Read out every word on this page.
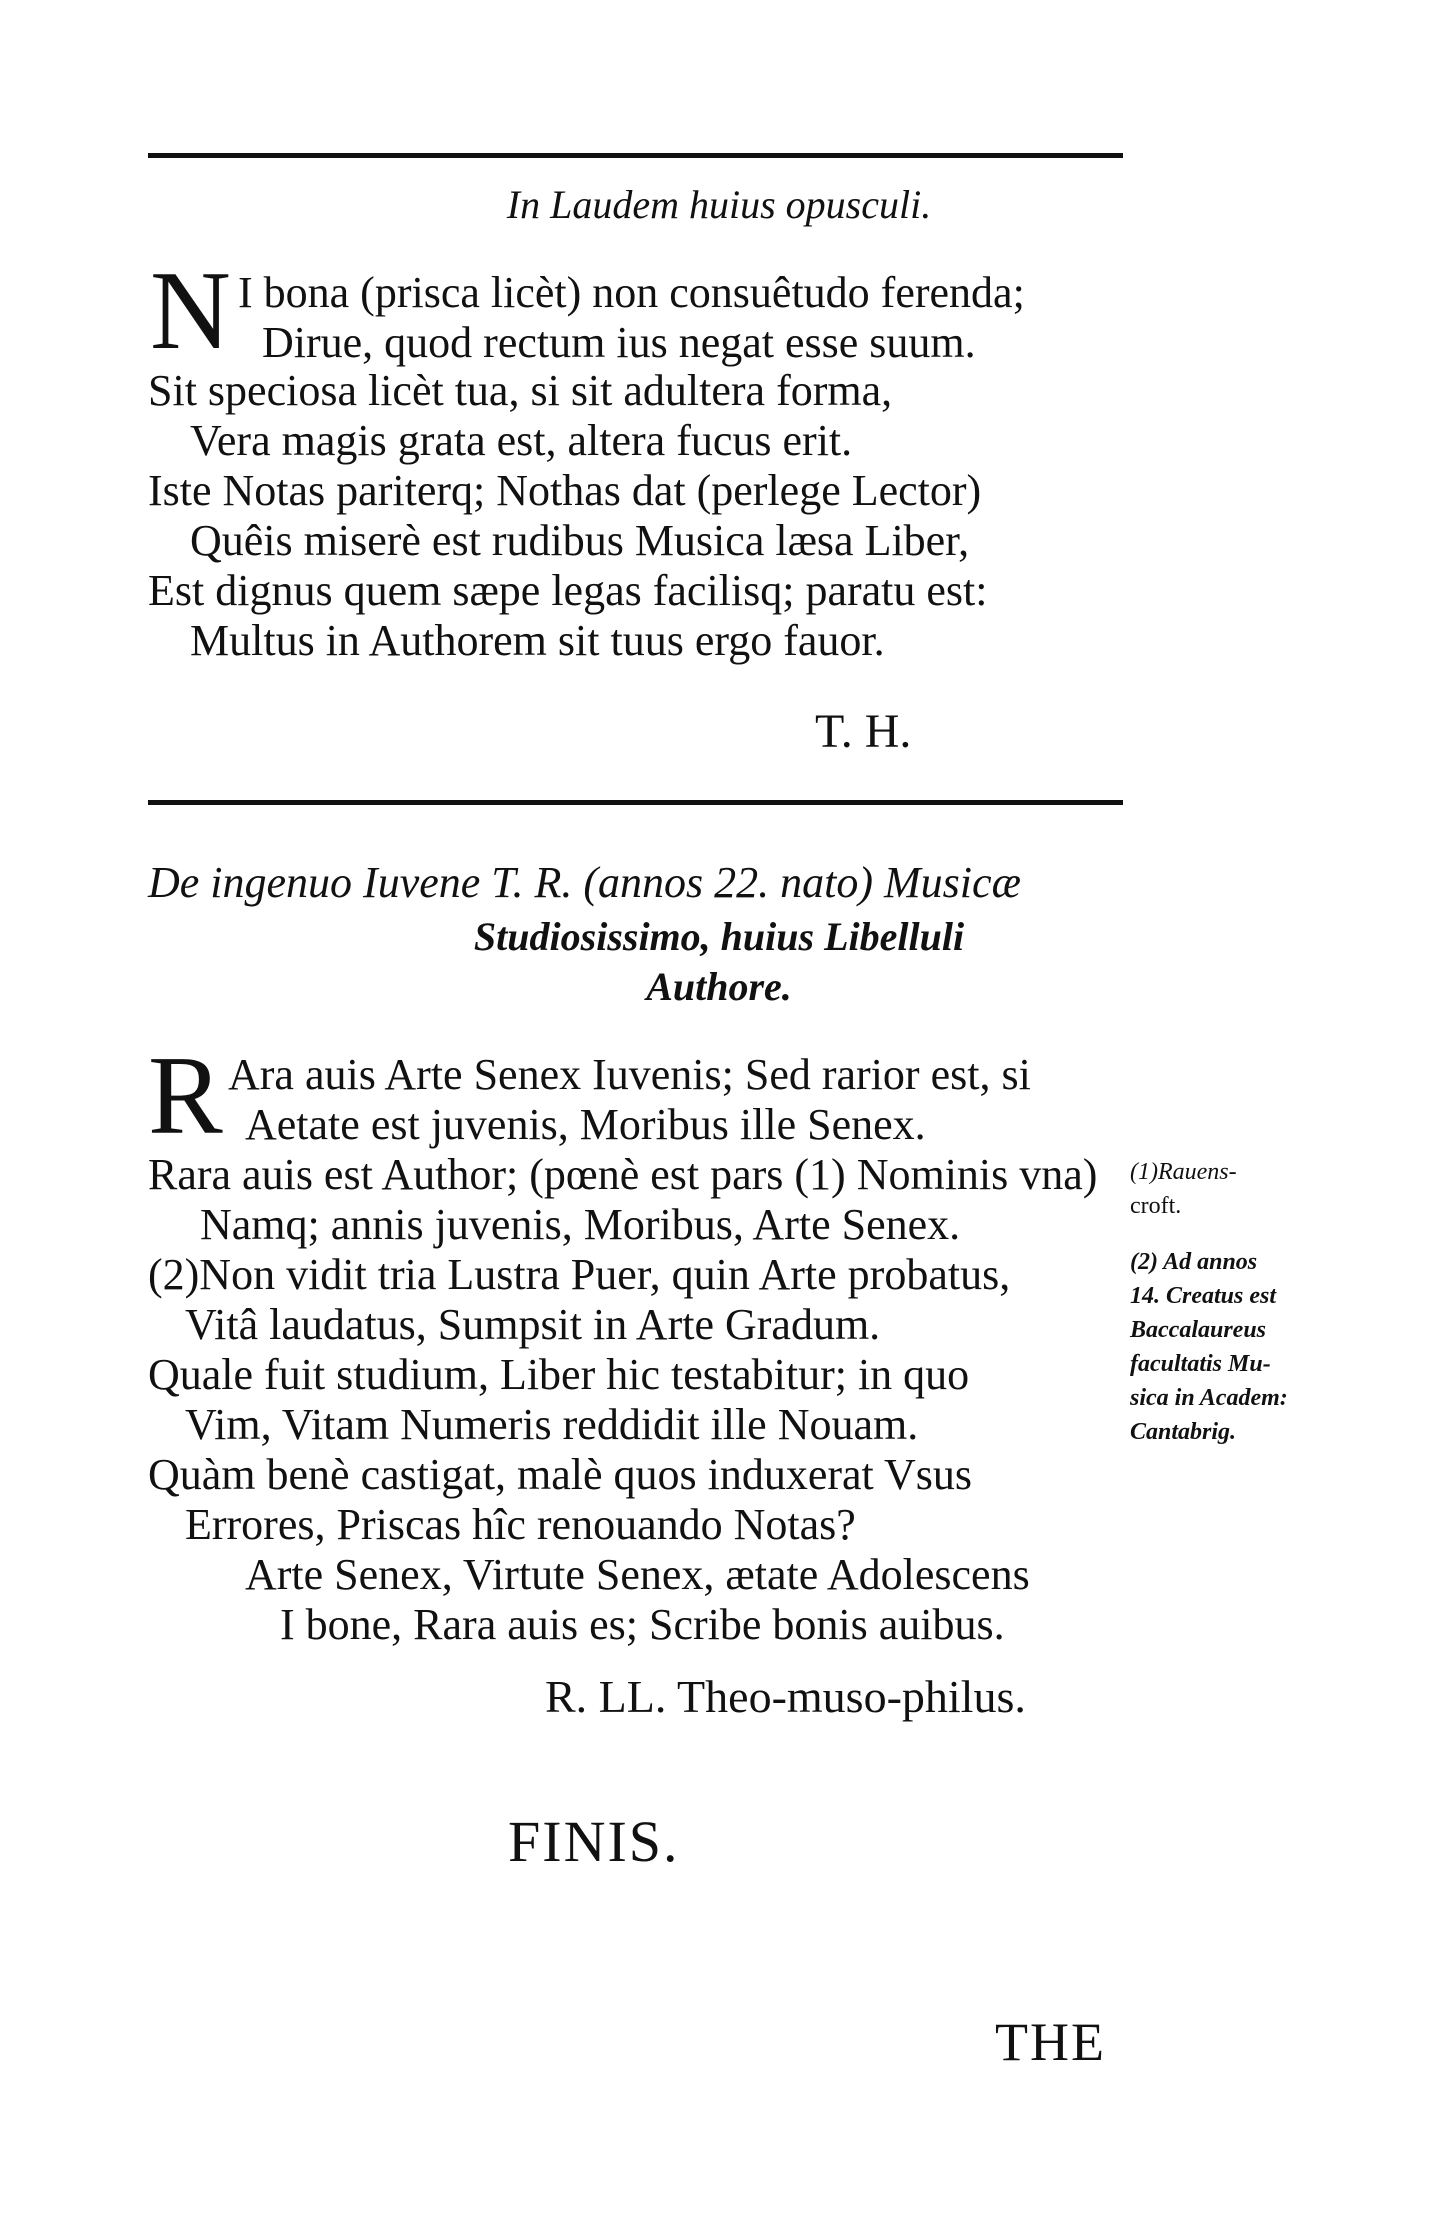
In Laudem huius opusculi.
N I bona (prisca licèt) non consuêtudo ferenda;
Dirue, quod rectum ius negat esse suum.
Sit speciosa licèt tua, si sit adultera forma,
Vera magis grata est, altera fucus erit.
Iste Notas pariterq; Nothas dat (perlege Lector)
Quêis miserè est rudibus Musica læsa Liber,
Est dignus quem sæpe legas facilisq; paratu est:
Multus in Authorem sit tuus ergo fauor.
T. H.
De ingenuo Iuvene T. R. (annos 22. nato) Musicæ
Studiosissimo, huius Libelluli
Authore.
R Ara auis Arte Senex Iuvenis; Sed rarior est, si
Aetate est juvenis, Moribus ille Senex.
Rara auis est Author; (pœnè est pars (1) Nominis vna)
Namq; annis juvenis, Moribus, Arte Senex.
(2)Non vidit tria Lustra Puer, quin Arte probatus,
Vitâ laudatus, Sumpsit in Arte Gradum.
Quale fuit studium, Liber hic testabitur; in quo
Vim, Vitam Numeris reddidit ille Nouam.
Quàm benè castigat, malè quos induxerat Vsus
Errores, Priscas hîc renouando Notas?
Arte Senex, Virtute Senex, ætate Adolescens
I bone, Rara auis es; Scribe bonis auibus.
(1)Rauens-
croft.
(2) Ad annos
14. Creatus est
Baccalaureus
facultatis Mu-
sica in Academ:
Cantabrig.
R. LL. Theo-muso-philus.
FINIS.
THE
